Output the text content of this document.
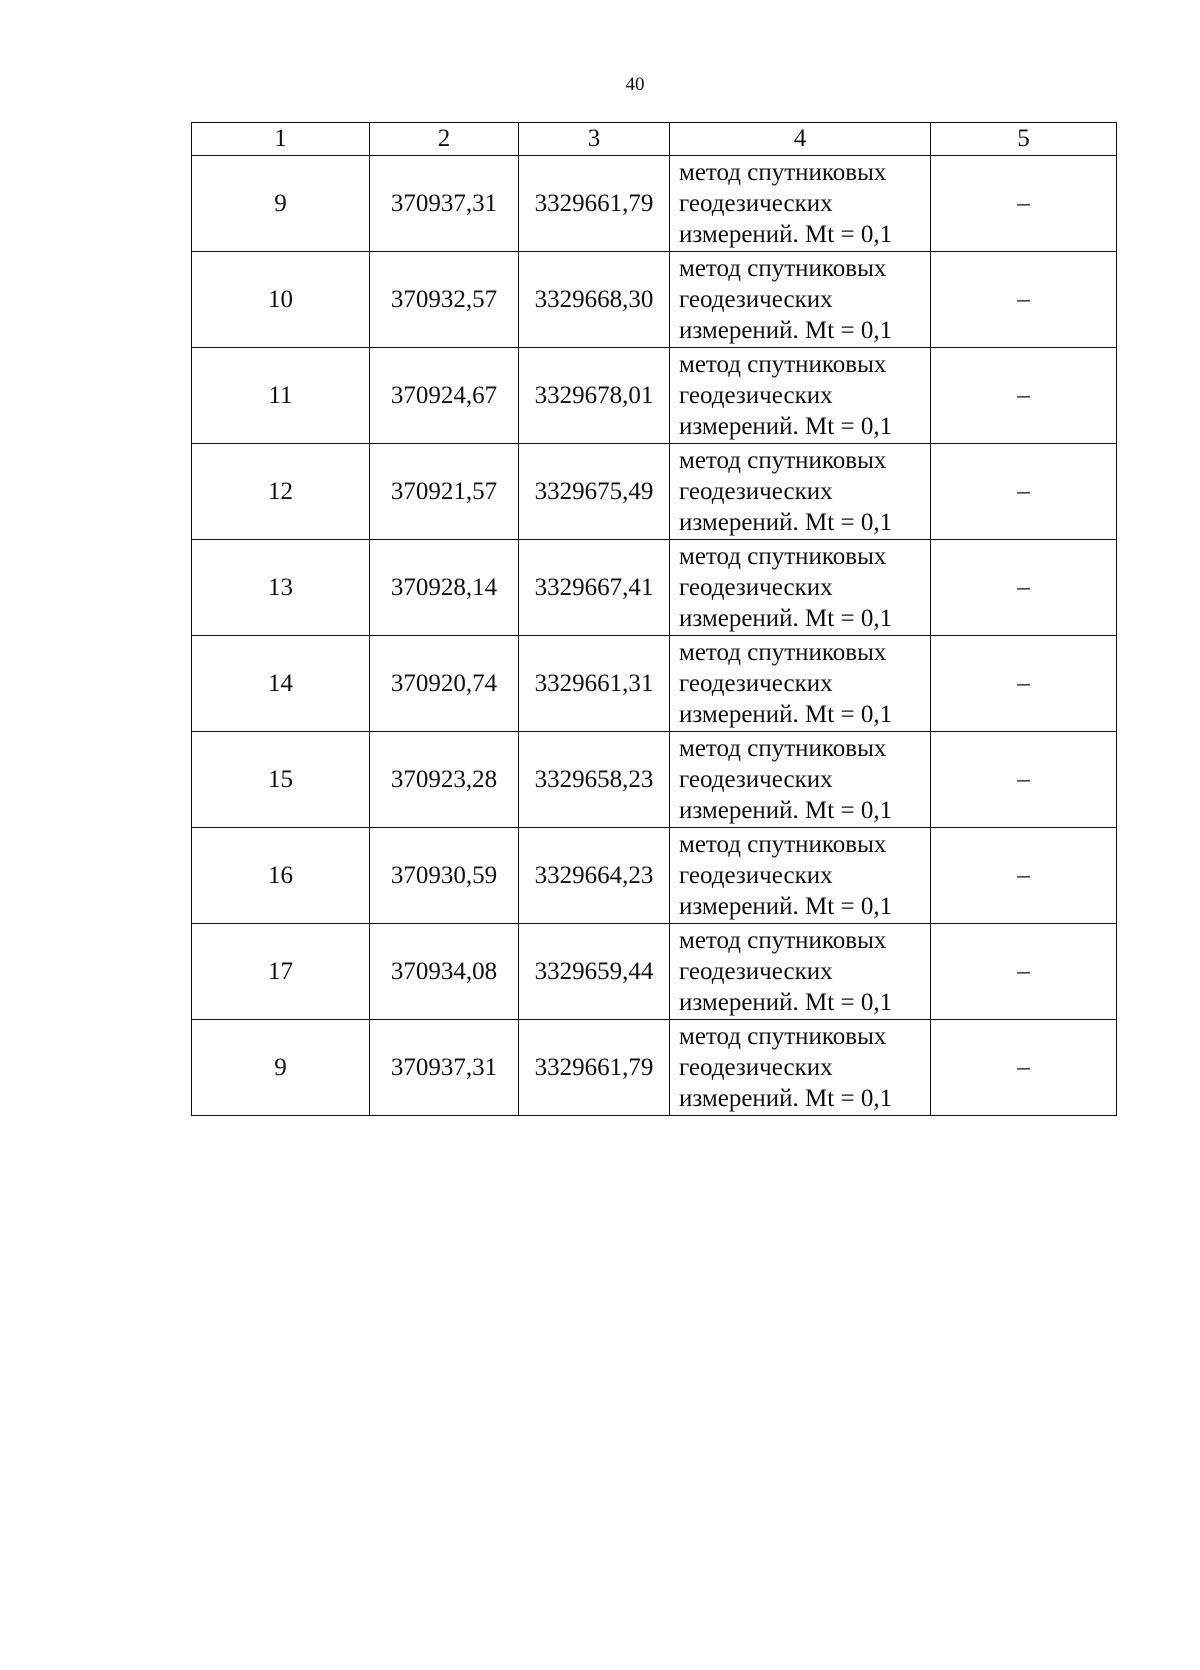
40
1	2	3	4	5
9	370937,31	3329661,79	метод спутниковых
геодезических
измерений. Mt = 0,1	–
10	370932,57	3329668,30	метод спутниковых
геодезических
измерений. Mt = 0,1	–
11	370924,67	3329678,01	метод спутниковых
геодезических
измерений. Mt = 0,1	–
12	370921,57	3329675,49	метод спутниковых
геодезических
измерений. Mt = 0,1	–
13	370928,14	3329667,41	метод спутниковых
геодезических
измерений. Mt = 0,1	–
14	370920,74	3329661,31	метод спутниковых
геодезических
измерений. Mt = 0,1	–
15	370923,28	3329658,23	метод спутниковых
геодезических
измерений. Mt = 0,1	–
16	370930,59	3329664,23	метод спутниковых
геодезических
измерений. Mt = 0,1	–
17	370934,08	3329659,44	метод спутниковых
геодезических
измерений. Mt = 0,1	–
9	370937,31	3329661,79	метод спутниковых
геодезических
измерений. Mt = 0,1	–
